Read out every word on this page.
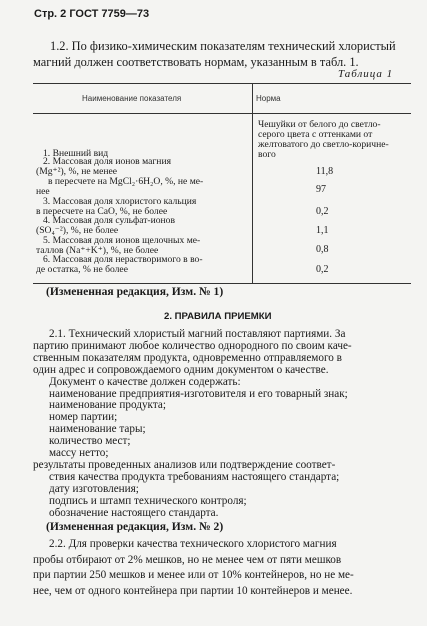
Стр. 2 ГОСТ 7759—73
1.2. По физико-химическим показателям технический хлористый
магний должен соответствовать нормам, указанным в табл. 1.
Таблица 1
Наименование показателя	Норма
1. Внешний вид
Чешуйки от белого до светло-
серого цвета с оттенками от
желтоватого до светло-коричне-
вого
2. Массовая доля ионов магния
(Mg⁺²), %, не менее	11,8
в пересчете на MgCl₂·6H₂O, %, не ме-
нее	97
3. Массовая доля хлористого кальция
в пересчете на CaO, %, не более	0,2
4. Массовая доля сульфат-ионов
(SO₄⁻²), %, не более	1,1
5. Массовая доля ионов щелочных ме-
таллов (Na⁺+K⁺), %, не более	0,8
6. Массовая доля нерастворимого в во-
де остатка, % не более	0,2
(Измененная редакция, Изм. № 1)
2. ПРАВИЛА ПРИЕМКИ
2.1. Технический хлористый магний поставляют партиями. За
партию принимают любое количество однородного по своим каче-
ственным показателям продукта, одновременно отправляемого в
один адрес и сопровождаемого одним документом о качестве.
Документ о качестве должен содержать:
наименование предприятия-изготовителя и его товарный знак;
наименование продукта;
номер партии;
наименование тары;
количество мест;
массу нетто;
результаты проведенных анализов или подтверждение соответ-
ствия качества продукта требованиям настоящего стандарта;
дату изготовления;
подпись и штамп технического контроля;
обозначение настоящего стандарта.
(Измененная редакция, Изм. № 2)
2.2. Для проверки качества технического хлористого магния
пробы отбирают от 2% мешков, но не менее чем от пяти мешков
при партии 250 мешков и менее или от 10% контейнеров, но не ме-
нее, чем от одного контейнера при партии 10 контейнеров и менее.
